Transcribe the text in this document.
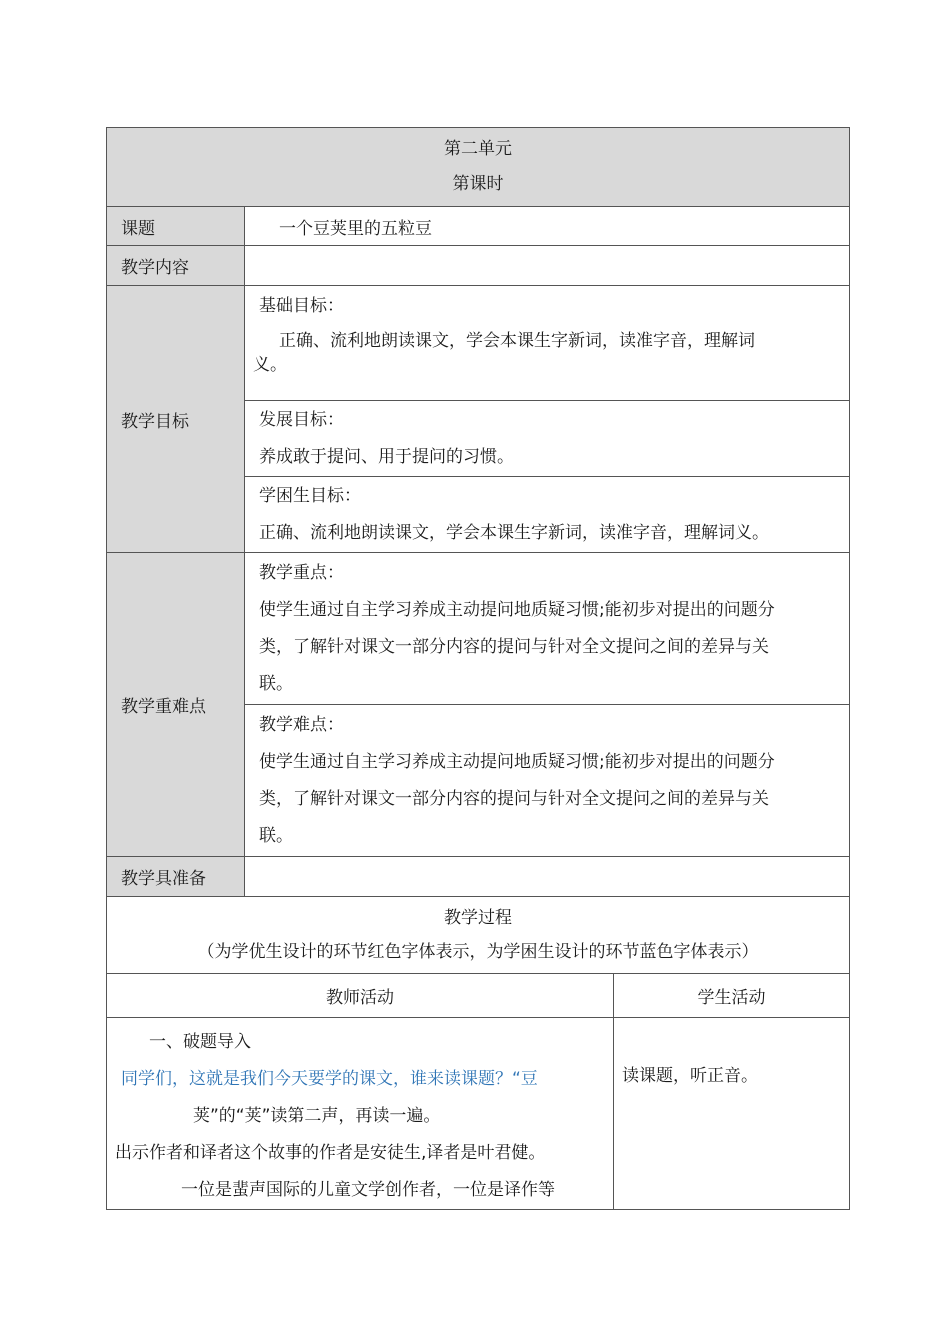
第二单元
第课时		

课题	一个豆荚里的五粒豆	
教学内容		
教学目标	基础目标：
正确、流利地朗读课文，学会本课生字新词，读准字音，理解词
义。	

	发展目标：
养成敢于提问、用于提问的习惯。	

	学困生目标：
正确、流利地朗读课文，学会本课生字新词，读准字音，理解词义。	

教学重难点	教学重点：
使学生通过自主学习养成主动提问地质疑习惯;能初步对提出的问题分
类，了解针对课文一部分内容的提问与针对全文提问之间的差异与关
联。	

	教学难点：
使学生通过自主学习养成主动提问地质疑习惯;能初步对提出的问题分
类，了解针对课文一部分内容的提问与针对全文提问之间的差异与关
联。	

教学具准备		

教学过程
（为学优生设计的环节红色字体表示，为学困生设计的环节蓝色字体表示）		

教师活动		学生活动

一、破题导入
同学们，这就是我们今天要学的课文，谁来读课题？“豆
荚”的“荚”读第二声，再读一遍。
出示作者和译者这个故事的作者是安徒生,译者是叶君健。
一位是蜚声国际的儿童文学创作者，一位是译作等		读课题，听正音。
